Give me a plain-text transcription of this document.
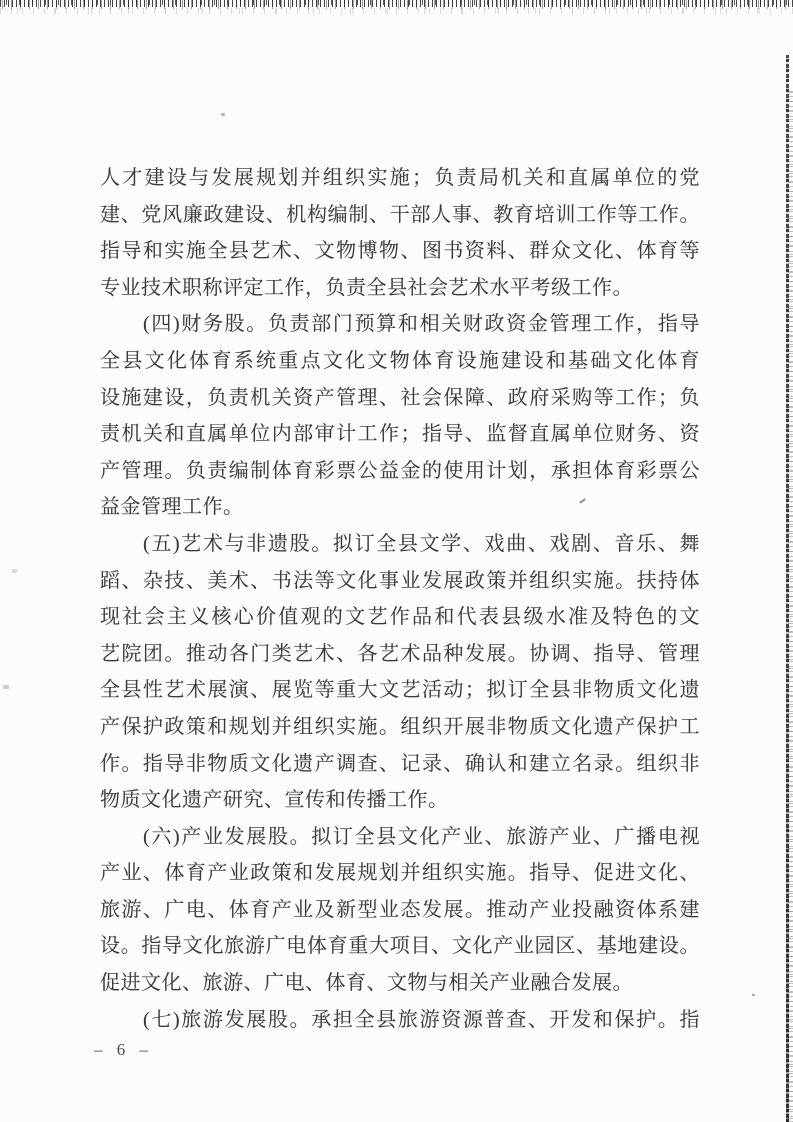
人才建设与发展规划并组织实施；负责局机关和直属单位的党
建、党风廉政建设、机构编制、干部人事、教育培训工作等工作。
指导和实施全县艺术、文物博物、图书资料、群众文化、体育等
专业技术职称评定工作，负责全县社会艺术水平考级工作。
(四)财务股。负责部门预算和相关财政资金管理工作，指导
全县文化体育系统重点文化文物体育设施建设和基础文化体育
设施建设，负责机关资产管理、社会保障、政府采购等工作；负
责机关和直属单位内部审计工作；指导、监督直属单位财务、资
产管理。负责编制体育彩票公益金的使用计划，承担体育彩票公
益金管理工作。
(五)艺术与非遗股。拟订全县文学、戏曲、戏剧、音乐、舞
蹈、杂技、美术、书法等文化事业发展政策并组织实施。扶持体
现社会主义核心价值观的文艺作品和代表县级水准及特色的文
艺院团。推动各门类艺术、各艺术品种发展。协调、指导、管理
全县性艺术展演、展览等重大文艺活动；拟订全县非物质文化遗
产保护政策和规划并组织实施。组织开展非物质文化遗产保护工
作。指导非物质文化遗产调查、记录、确认和建立名录。组织非
物质文化遗产研究、宣传和传播工作。
(六)产业发展股。拟订全县文化产业、旅游产业、广播电视
产业、体育产业政策和发展规划并组织实施。指导、促进文化、
旅游、广电、体育产业及新型业态发展。推动产业投融资体系建
设。指导文化旅游广电体育重大项目、文化产业园区、基地建设。
促进文化、旅游、广电、体育、文物与相关产业融合发展。
(七)旅游发展股。承担全县旅游资源普查、开发和保护。指
– 6 –
